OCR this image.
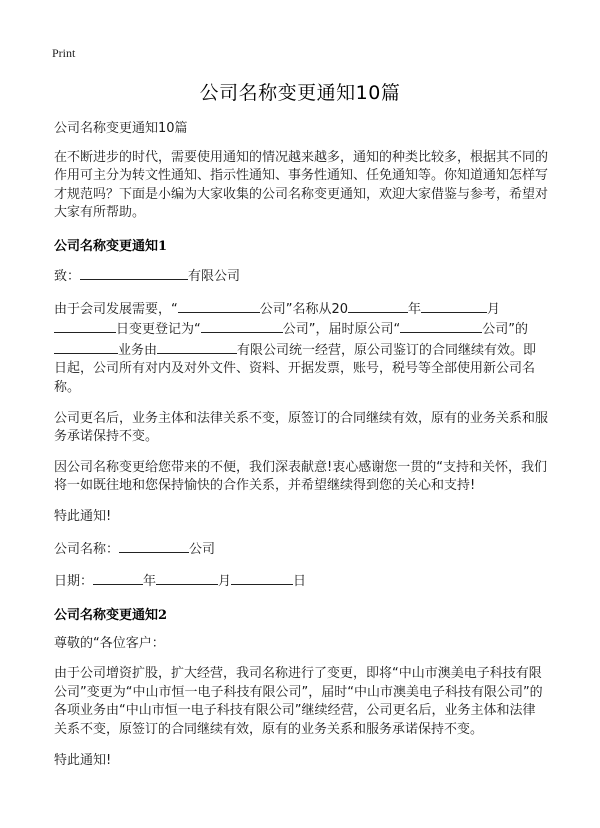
Print
公司名称变更通知10篇

公司名称变更通知10篇

在不断进步的时代，需要使用通知的情况越来越多，通知的种类比较多，根据其不同的作用可主分为转文性通知、指示性通知、事务性通知、任免通知等。你知道通知怎样写才规范吗？下面是小编为大家收集的公司名称变更通知，欢迎大家借鉴与参考，希望对大家有所帮助。

公司名称变更通知1

致：	有限公司

由于会司发展需要，“	公司”名称从20	年	月日变更登记为“	公司”，届时原公司“	公司”的业务由	有限公司统一经营，原公司鉴订的合同继续有效。即日起，公司所有对内及对外文件、资料、开据发票，账号，税号等全部使用新公司名称。

公司更名后，业务主体和法律关系不变，原签订的合同继续有效，原有的业务关系和服务承诺保持不变。

因公司名称变更给您带来的不便，我们深表献意!衷心感谢您一贯的“支持和关怀，我们将一如既往地和您保持愉快的合作关系，并希望继续得到您的关心和支持!

特此通知!

公司名称：	公司

日期：	年	月	日

公司名称变更通知2

尊敬的“各位客户：

由于公司增资扩股，扩大经营，我司名称进行了变更，即将“中山市澳美电子科技有限公司”变更为“中山市恒一电子科技有限公司”，届时“中山市澳美电子科技有限公司”的各项业务由“中山市恒一电子科技有限公司”继续经营，公司更名后，业务主体和法律关系不变，原签订的合同继续有效，原有的业务关系和服务承诺保持不变。

特此通知!
